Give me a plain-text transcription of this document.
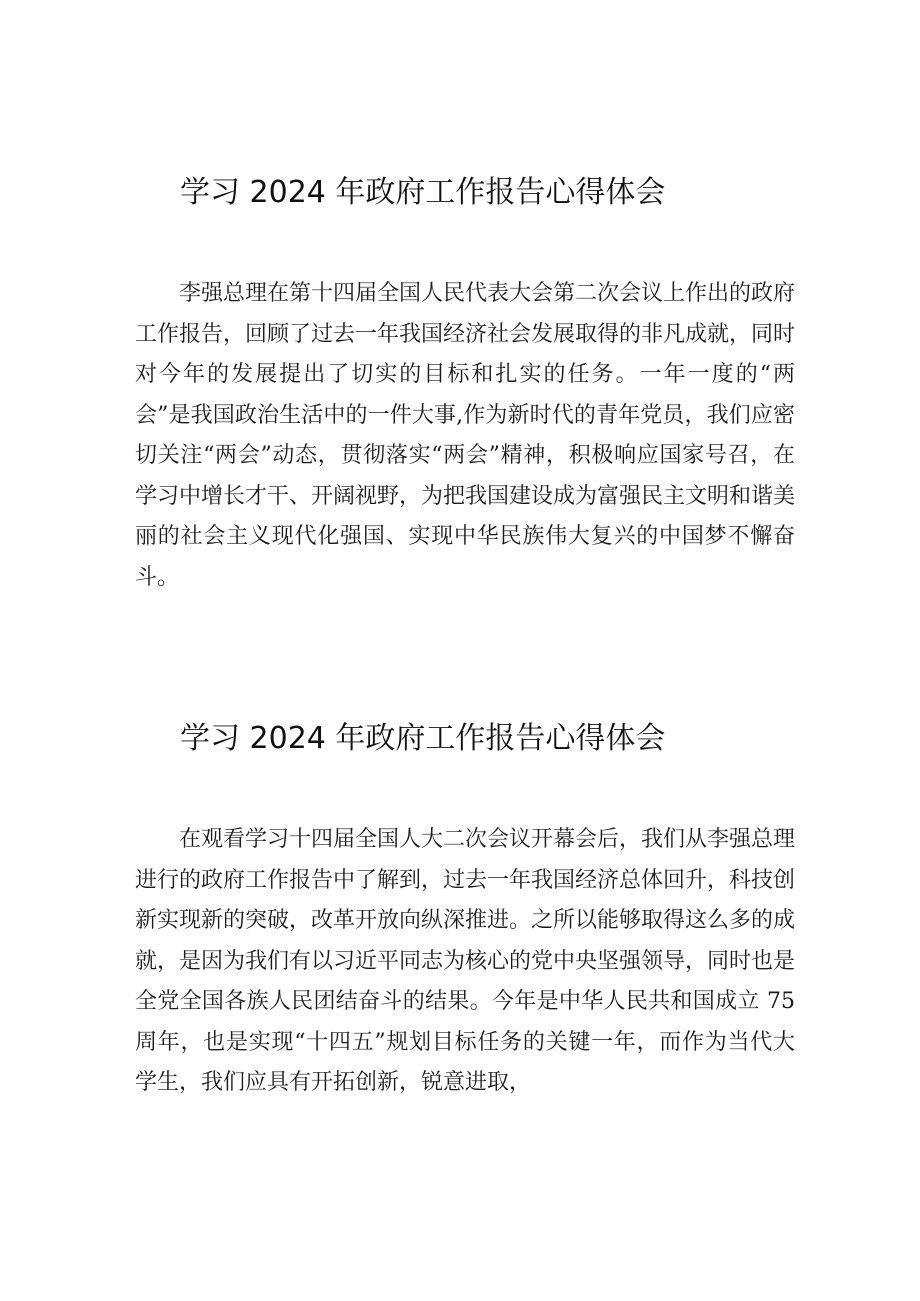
学习 2024 年政府工作报告心得体会

李强总理在第十四届全国人民代表大会第二次会议上作出的政府工作报告，回顾了过去一年我国经济社会发展取得的非凡成就，同时对今年的发展提出了切实的目标和扎实的任务。一年一度的“两会”是我国政治生活中的一件大事,作为新时代的青年党员，我们应密切关注“两会”动态，贯彻落实“两会”精神，积极响应国家号召，在学习中增长才干、开阔视野，为把我国建设成为富强民主文明和谐美丽的社会主义现代化强国、实现中华民族伟大复兴的中国梦不懈奋斗。

学习 2024 年政府工作报告心得体会

在观看学习十四届全国人大二次会议开幕会后，我们从李强总理进行的政府工作报告中了解到，过去一年我国经济总体回升，科技创新实现新的突破，改革开放向纵深推进。之所以能够取得这么多的成就，是因为我们有以习近平同志为核心的党中央坚强领导，同时也是全党全国各族人民团结奋斗的结果。今年是中华人民共和国成立 75 周年，也是实现“十四五”规划目标任务的关键一年，而作为当代大学生，我们应具有开拓创新，锐意进取，
